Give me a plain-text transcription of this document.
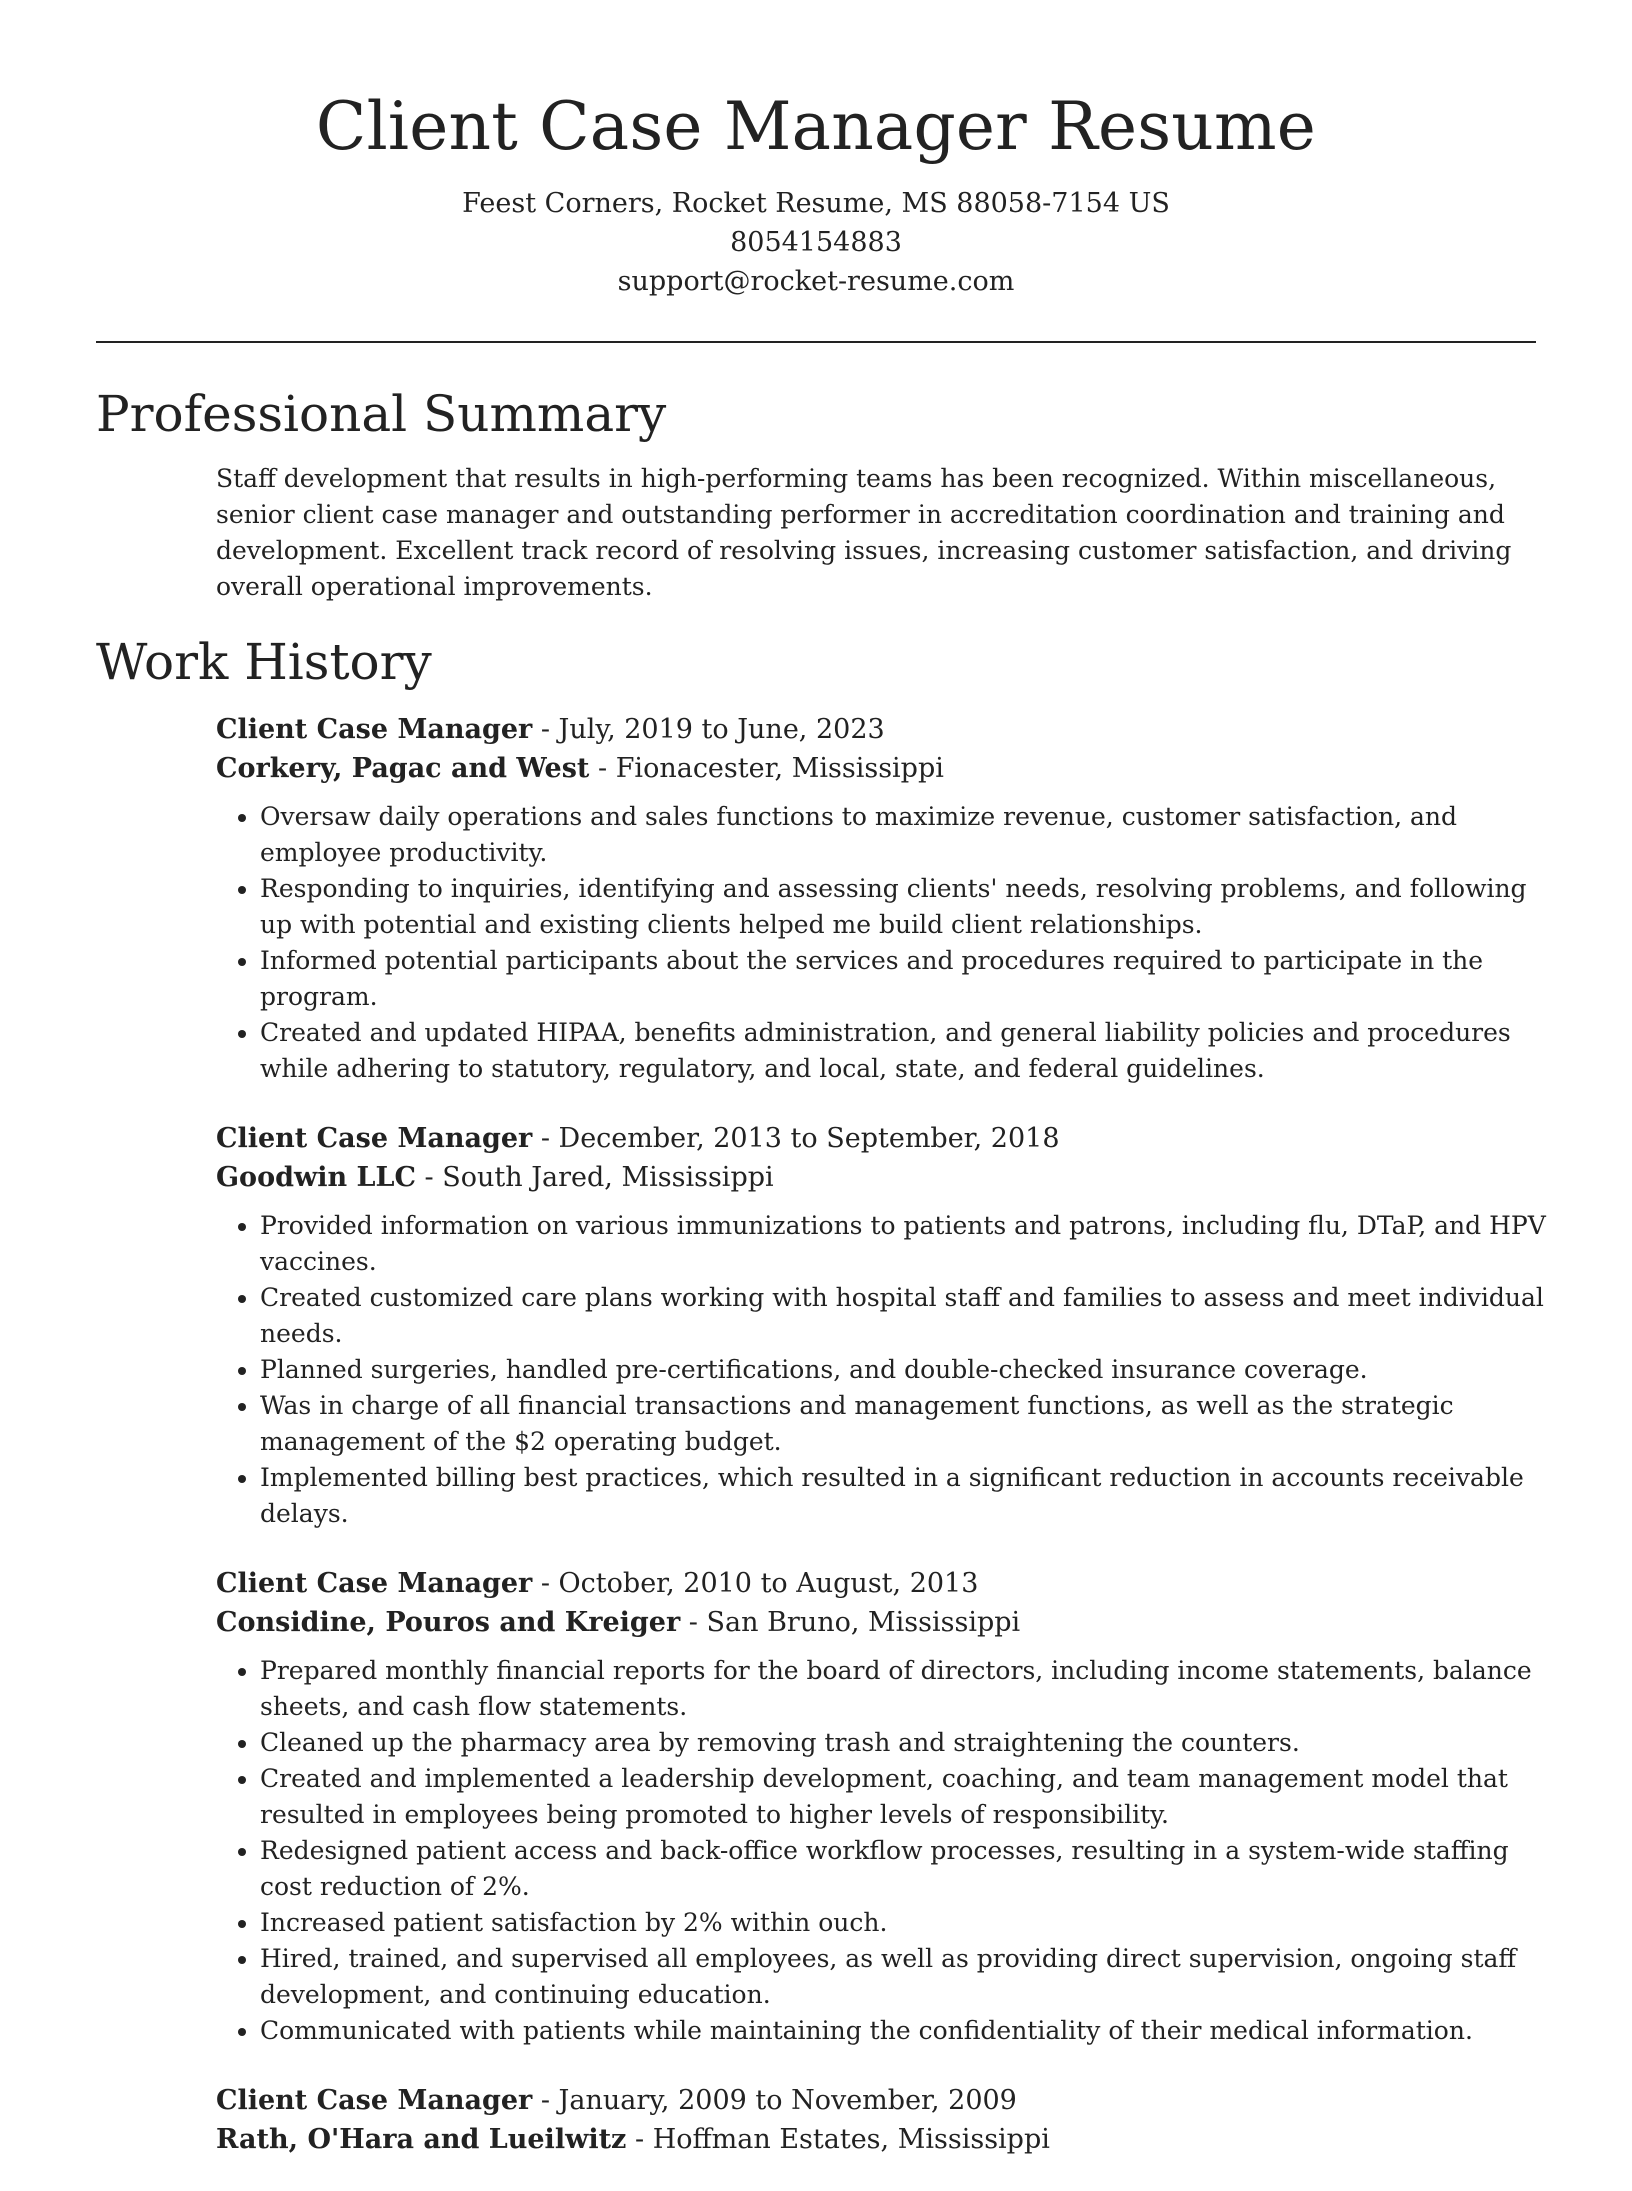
Client Case Manager Resume
Feest Corners, Rocket Resume, MS 88058-7154 US
8054154883
support@rocket-resume.com
Professional Summary

Staff development that results in high-performing teams has been recognized. Within miscellaneous, senior client case manager and outstanding performer in accreditation coordination and training and development. Excellent track record of resolving issues, increasing customer satisfaction, and driving overall operational improvements.

Work History
Client Case Manager - July, 2019 to June, 2023
Corkery, Pagac and West - Fionacester, Mississippi
• Oversaw daily operations and sales functions to maximize revenue, customer satisfaction, and employee productivity.
• Responding to inquiries, identifying and assessing clients' needs, resolving problems, and following up with potential and existing clients helped me build client relationships.
• Informed potential participants about the services and procedures required to participate in the program.
• Created and updated HIPAA, benefits administration, and general liability policies and procedures while adhering to statutory, regulatory, and local, state, and federal guidelines.
Client Case Manager - December, 2013 to September, 2018
Goodwin LLC - South Jared, Mississippi
• Provided information on various immunizations to patients and patrons, including flu, DTaP, and HPV vaccines.
• Created customized care plans working with hospital staff and families to assess and meet individual needs.
• Planned surgeries, handled pre-certifications, and double-checked insurance coverage.
• Was in charge of all financial transactions and management functions, as well as the strategic management of the $2 operating budget.
• Implemented billing best practices, which resulted in a significant reduction in accounts receivable delays.
Client Case Manager - October, 2010 to August, 2013
Considine, Pouros and Kreiger - San Bruno, Mississippi
• Prepared monthly financial reports for the board of directors, including income statements, balance sheets, and cash flow statements.
• Cleaned up the pharmacy area by removing trash and straightening the counters.
• Created and implemented a leadership development, coaching, and team management model that resulted in employees being promoted to higher levels of responsibility.
• Redesigned patient access and back-office workflow processes, resulting in a system-wide staffing cost reduction of 2%.
• Increased patient satisfaction by 2% within ouch.
• Hired, trained, and supervised all employees, as well as providing direct supervision, ongoing staff development, and continuing education.
• Communicated with patients while maintaining the confidentiality of their medical information.
Client Case Manager - January, 2009 to November, 2009
Rath, O'Hara and Lueilwitz - Hoffman Estates, Mississippi
